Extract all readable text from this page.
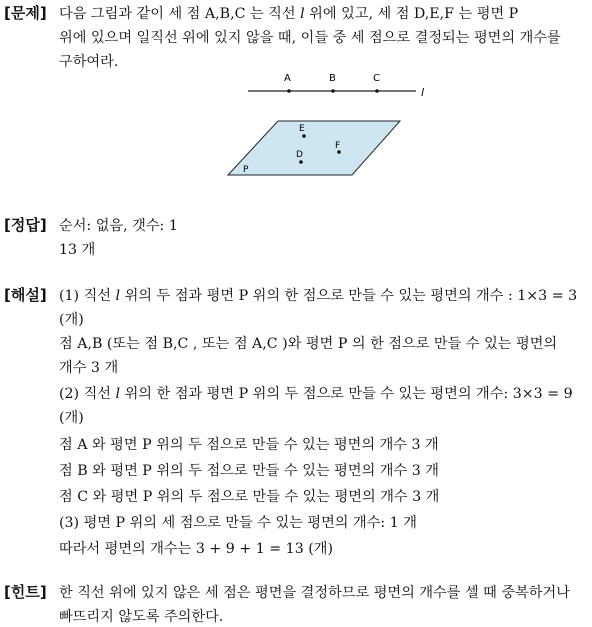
[문제] 다음 그림과 같이 세 점 A,B,C 는 직선 l 위에 있고, 세 점 D,E,F 는 평면 P
위에 있으며 일직선 위에 있지 않을 때, 이들 중 세 점으로 결정되는 평면의 개수를
구하여라.
A	B	C
l
E
F
D
P
[정답] 순서: 없음, 갯수: 1
13 개
[해설] (1) 직선 l 위의 두 점과 평면 P 위의 한 점으로 만들 수 있는 평면의 개수 : 1×3 = 3
(개)
점 A,B (또는 점 B,C , 또는 점 A,C )와 평면 P 의 한 점으로 만들 수 있는 평면의
개수 3 개
(2) 직선 l 위의 한 점과 평면 P 위의 두 점으로 만들 수 있는 평면의 개수: 3×3 = 9
(개)
점 A 와 평면 P 위의 두 점으로 만들 수 있는 평면의 개수 3 개
점 B 와 평면 P 위의 두 점으로 만들 수 있는 평면의 개수 3 개
점 C 와 평면 P 위의 두 점으로 만들 수 있는 평면의 개수 3 개
(3) 평면 P 위의 세 점으로 만들 수 있는 평면의 개수: 1 개
따라서 평면의 개수는 3 + 9 + 1 = 13 (개)
[힌트] 한 직선 위에 있지 않은 세 점은 평면을 결정하므로 평면의 개수를 셀 때 중복하거나
빠뜨리지 않도록 주의한다.
